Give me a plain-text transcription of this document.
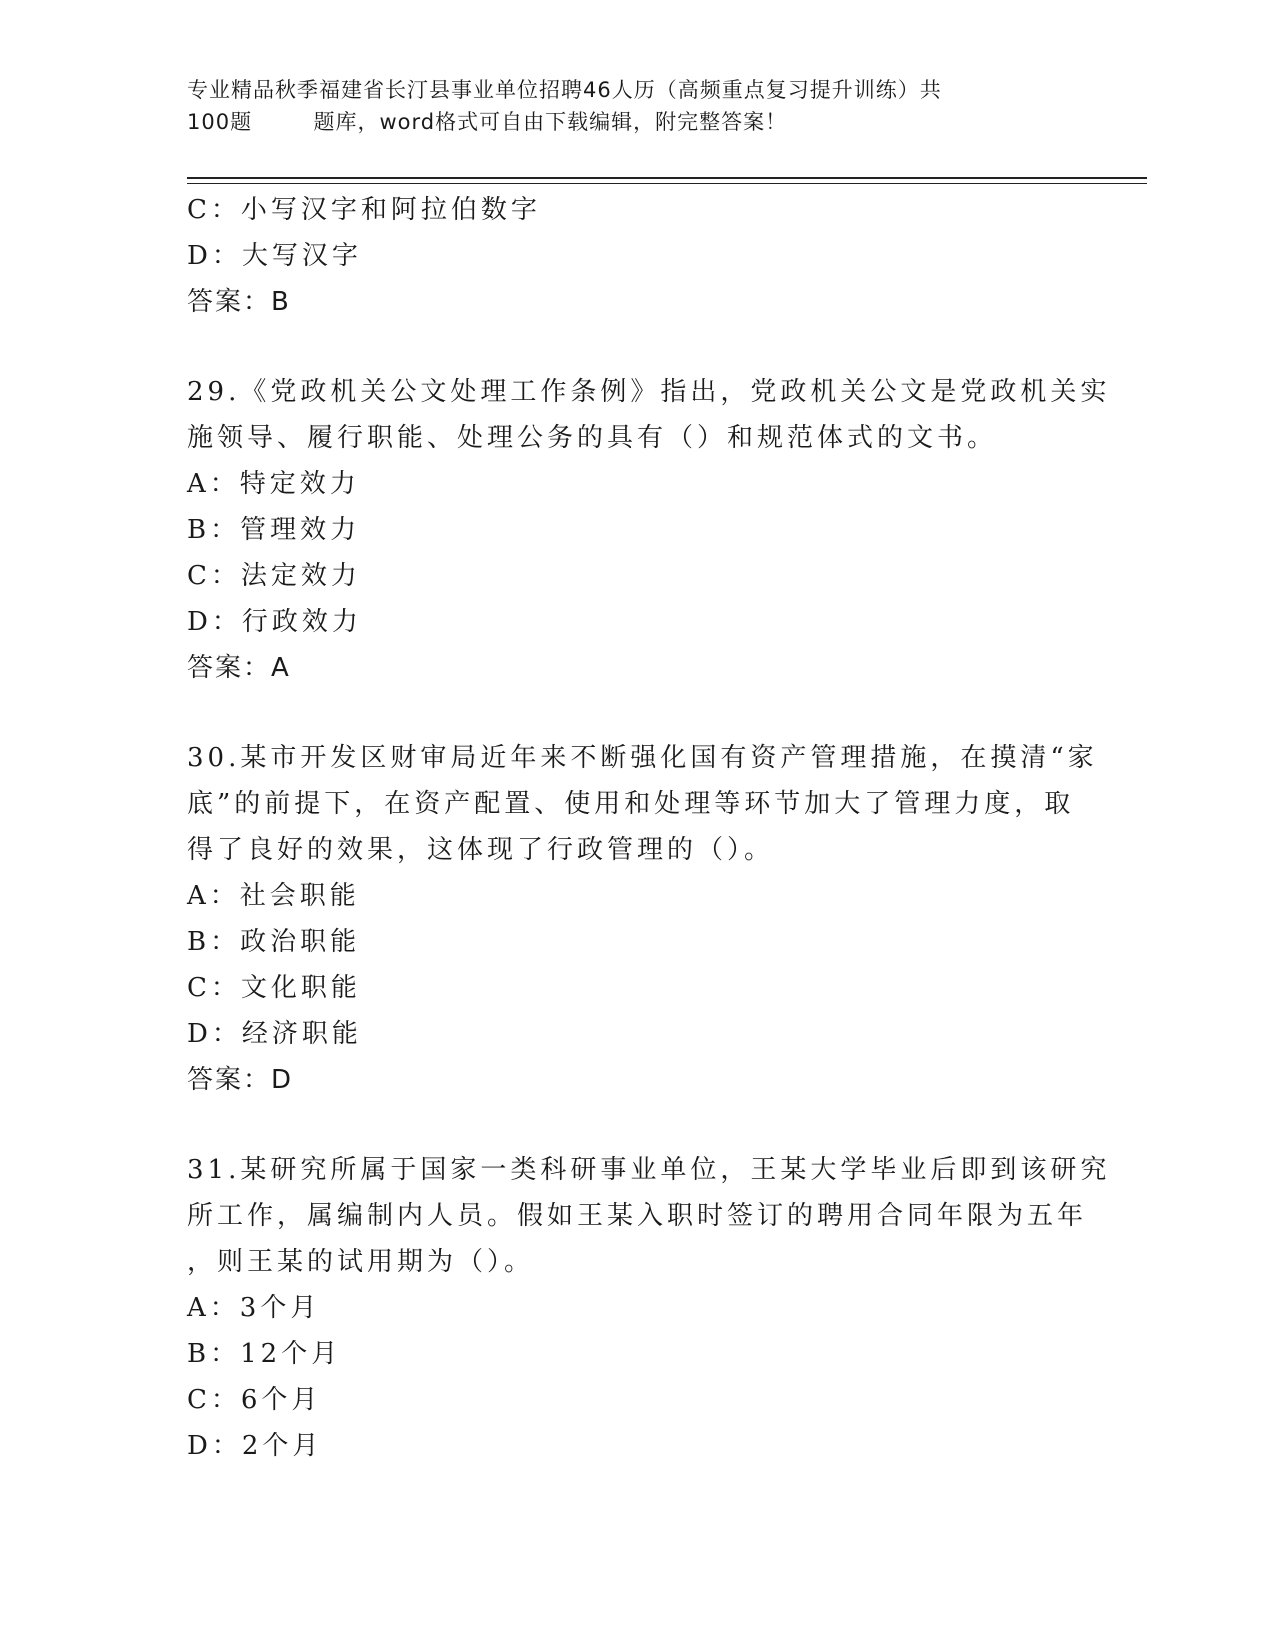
专业精品秋季福建省长汀县事业单位招聘46人历（高频重点复习提升训练）共
100题        题库，word格式可自由下载编辑，附完整答案！
C：小写汉字和阿拉伯数字
D：大写汉字
答案：B
29.《党政机关公文处理工作条例》指出，党政机关公文是党政机关实
施领导、履行职能、处理公务的具有（）和规范体式的文书。
A：特定效力
B：管理效力
C：法定效力
D：行政效力
答案：A
30.某市开发区财审局近年来不断强化国有资产管理措施，在摸清“家
底”的前提下，在资产配置、使用和处理等环节加大了管理力度，取
得了良好的效果，这体现了行政管理的（）。
A：社会职能
B：政治职能
C：文化职能
D：经济职能
答案：D
31.某研究所属于国家一类科研事业单位，王某大学毕业后即到该研究
所工作，属编制内人员。假如王某入职时签订的聘用合同年限为五年
，则王某的试用期为（）。
A：3个月
B：12个月
C：6个月
D：2个月
